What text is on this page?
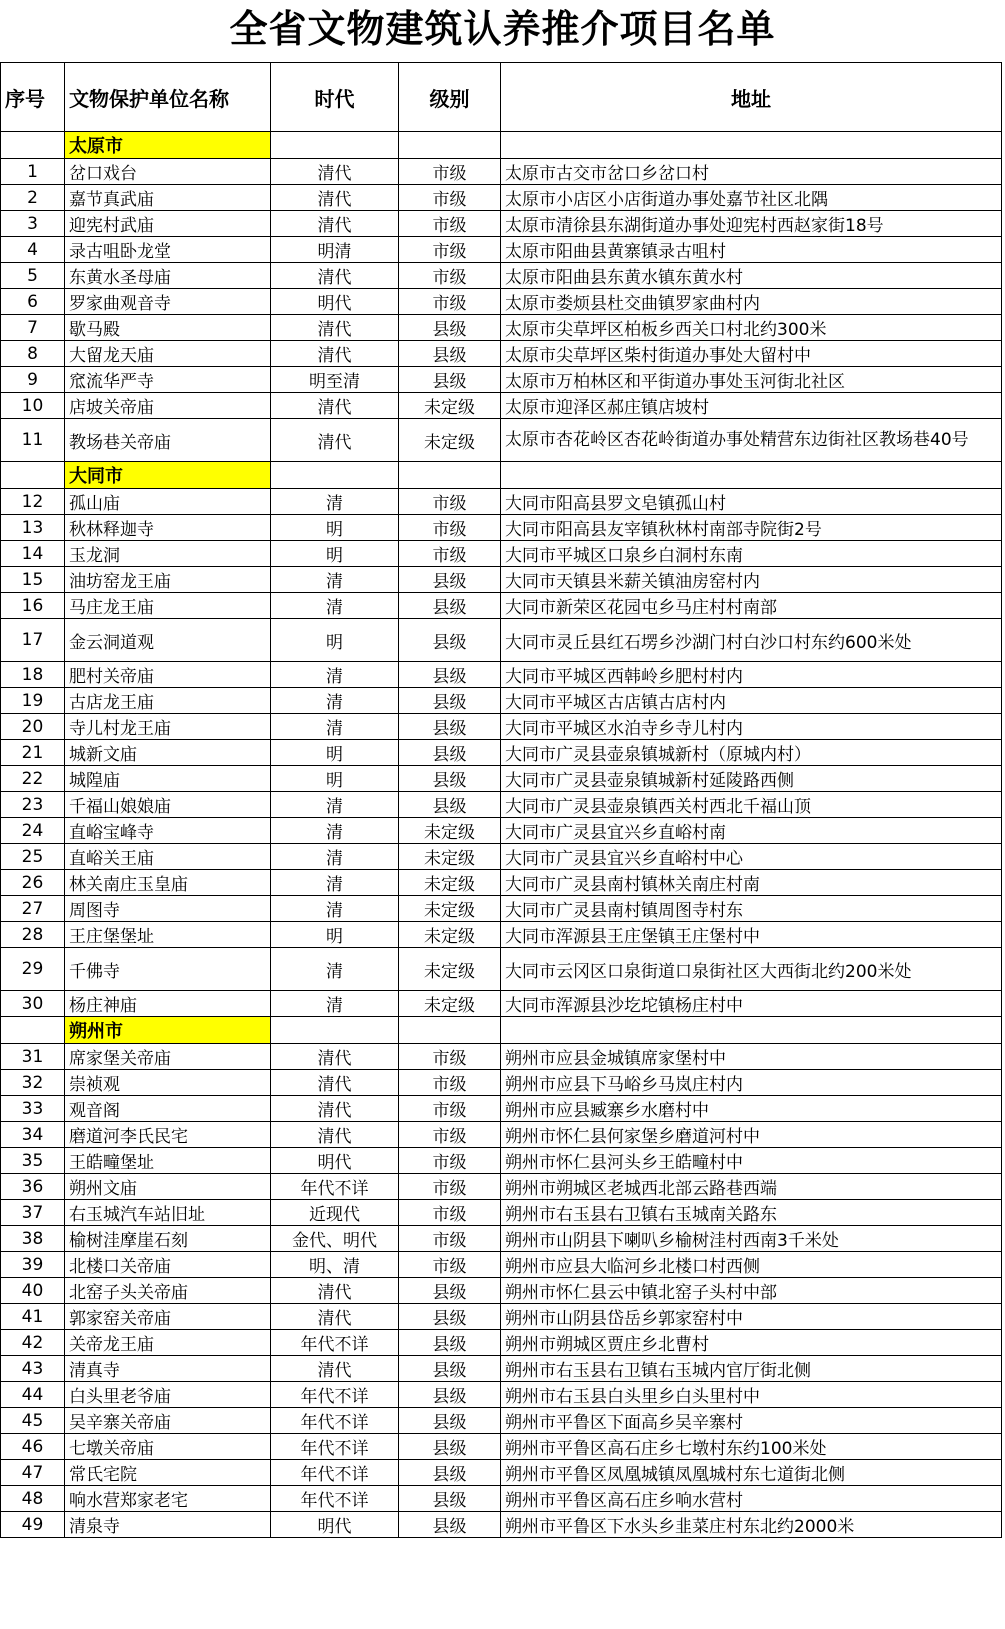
全省文物建筑认养推介项目名单
序号	文物保护单位名称	时代	级别	地址
	太原市			
1	岔口戏台	清代	市级	太原市古交市岔口乡岔口村
2	嘉节真武庙	清代	市级	太原市小店区小店街道办事处嘉节社区北隅
3	迎宪村武庙	清代	市级	太原市清徐县东湖街道办事处迎宪村西赵家街18号
4	录古咀卧龙堂	明清	市级	太原市阳曲县黄寨镇录古咀村
5	东黄水圣母庙	清代	市级	太原市阳曲县东黄水镇东黄水村
6	罗家曲观音寺	明代	市级	太原市娄烦县杜交曲镇罗家曲村内
7	歇马殿	清代	县级	太原市尖草坪区柏板乡西关口村北约300米
8	大留龙天庙	清代	县级	太原市尖草坪区柴村街道办事处大留村中
9	窊流华严寺	明至清	县级	太原市万柏林区和平街道办事处玉河街北社区
10	店坡关帝庙	清代	未定级	太原市迎泽区郝庄镇店坡村
11	教场巷关帝庙	清代	未定级	太原市杏花岭区杏花岭街道办事处精营东边街社区教场巷40号
	大同市			
12	孤山庙	清	市级	大同市阳高县罗文皂镇孤山村
13	秋林释迦寺	明	市级	大同市阳高县友宰镇秋林村南部寺院街2号
14	玉龙洞	明	市级	大同市平城区口泉乡白洞村东南
15	油坊窑龙王庙	清	县级	大同市天镇县米薪关镇油房窑村内
16	马庄龙王庙	清	县级	大同市新荣区花园屯乡马庄村村南部
17	金云洞道观	明	县级	大同市灵丘县红石塄乡沙湖门村白沙口村东约600米处
18	肥村关帝庙	清	县级	大同市平城区西韩岭乡肥村村内
19	古店龙王庙	清	县级	大同市平城区古店镇古店村内
20	寺儿村龙王庙	清	县级	大同市平城区水泊寺乡寺儿村内
21	城新文庙	明	县级	大同市广灵县壶泉镇城新村（原城内村）
22	城隍庙	明	县级	大同市广灵县壶泉镇城新村延陵路西侧
23	千福山娘娘庙	清	县级	大同市广灵县壶泉镇西关村西北千福山顶
24	直峪宝峰寺	清	未定级	大同市广灵县宜兴乡直峪村南
25	直峪关王庙	清	未定级	大同市广灵县宜兴乡直峪村中心
26	林关南庄玉皇庙	清	未定级	大同市广灵县南村镇林关南庄村南
27	周图寺	清	未定级	大同市广灵县南村镇周图寺村东
28	王庄堡堡址	明	未定级	大同市浑源县王庄堡镇王庄堡村中
29	千佛寺	清	未定级	大同市云冈区口泉街道口泉街社区大西街北约200米处
30	杨庄神庙	清	未定级	大同市浑源县沙圪坨镇杨庄村中
	朔州市			
31	席家堡关帝庙	清代	市级	朔州市应县金城镇席家堡村中
32	崇祯观	清代	市级	朔州市应县下马峪乡马岚庄村内
33	观音阁	清代	市级	朔州市应县臧寨乡水磨村中
34	磨道河李氏民宅	清代	市级	朔州市怀仁县何家堡乡磨道河村中
35	王皓疃堡址	明代	市级	朔州市怀仁县河头乡王皓疃村中
36	朔州文庙	年代不详	市级	朔州市朔城区老城西北部云路巷西端
37	右玉城汽车站旧址	近现代	市级	朔州市右玉县右卫镇右玉城南关路东
38	榆树洼摩崖石刻	金代、明代	市级	朔州市山阴县下喇叭乡榆树洼村西南3千米处
39	北楼口关帝庙	明、清	市级	朔州市应县大临河乡北楼口村西侧
40	北窑子头关帝庙	清代	县级	朔州市怀仁县云中镇北窑子头村中部
41	郭家窑关帝庙	清代	县级	朔州市山阴县岱岳乡郭家窑村中
42	关帝龙王庙	年代不详	县级	朔州市朔城区贾庄乡北曹村
43	清真寺	清代	县级	朔州市右玉县右卫镇右玉城内官厅街北侧
44	白头里老爷庙	年代不详	县级	朔州市右玉县白头里乡白头里村中
45	吴辛寨关帝庙	年代不详	县级	朔州市平鲁区下面高乡吴辛寨村
46	七墩关帝庙	年代不详	县级	朔州市平鲁区高石庄乡七墩村东约100米处
47	常氏宅院	年代不详	县级	朔州市平鲁区凤凰城镇凤凰城村东七道街北侧
48	响水营郑家老宅	年代不详	县级	朔州市平鲁区高石庄乡响水营村
49	清泉寺	明代	县级	朔州市平鲁区下水头乡韭菜庄村东北约2000米
